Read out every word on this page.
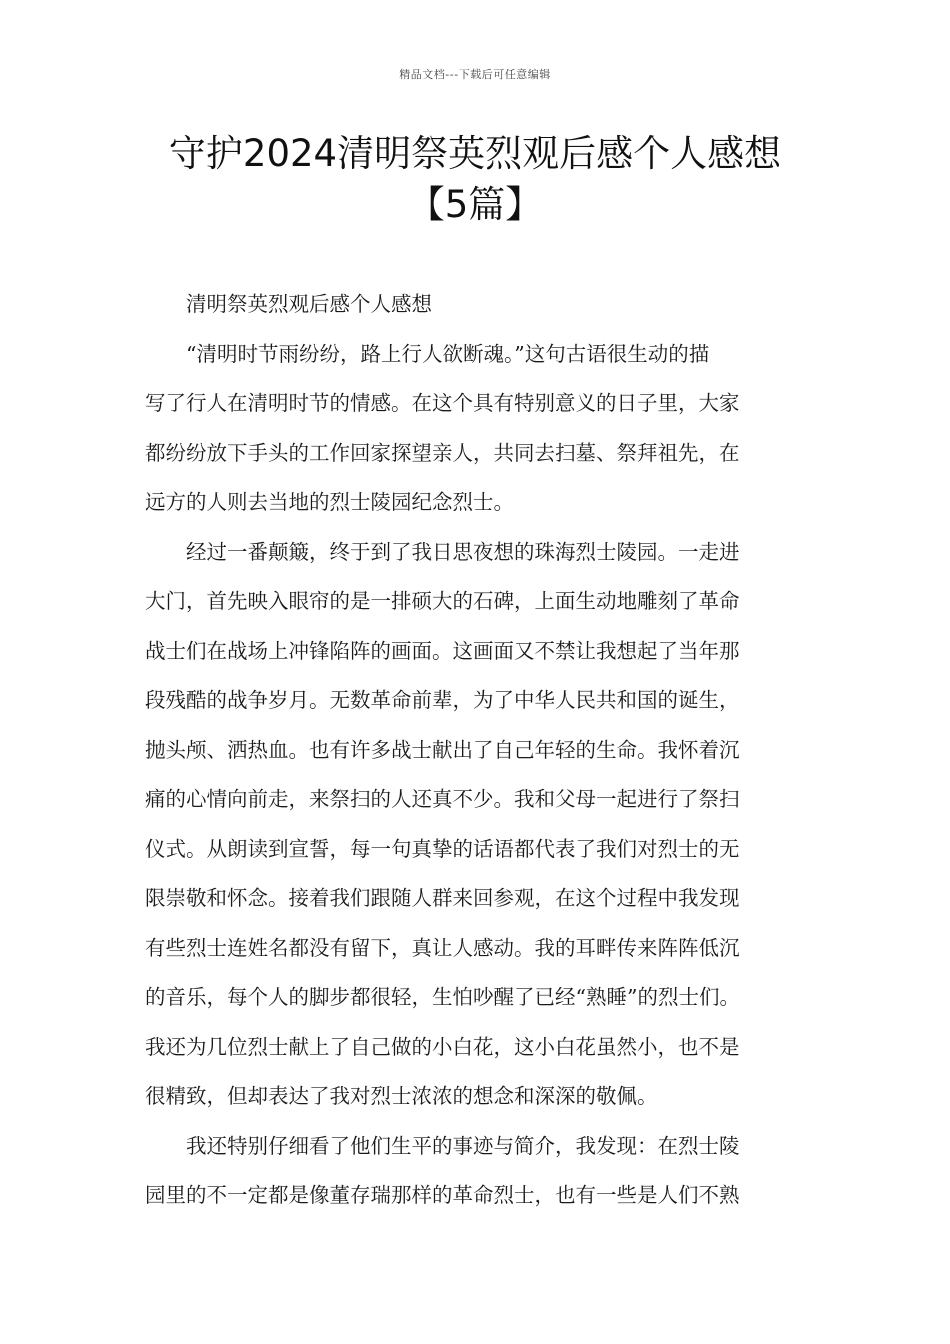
精品文档---下载后可任意编辑
守护2024清明祭英烈观后感个人感想
【5篇】

清明祭英烈观后感个人感想

“清明时节雨纷纷，路上行人欲断魂。”这句古语很生动的描
写了行人在清明时节的情感。在这个具有特别意义的日子里，大家
都纷纷放下手头的工作回家探望亲人，共同去扫墓、祭拜祖先，在
远方的人则去当地的烈士陵园纪念烈士。
经过一番颠簸，终于到了我日思夜想的珠海烈士陵园。一走进
大门，首先映入眼帘的是一排硕大的石碑，上面生动地雕刻了革命
战士们在战场上冲锋陷阵的画面。这画面又不禁让我想起了当年那
段残酷的战争岁月。无数革命前辈，为了中华人民共和国的诞生，
抛头颅、洒热血。也有许多战士献出了自己年轻的生命。我怀着沉
痛的心情向前走，来祭扫的人还真不少。我和父母一起进行了祭扫
仪式。从朗读到宣誓，每一句真挚的话语都代表了我们对烈士的无
限崇敬和怀念。接着我们跟随人群来回参观，在这个过程中我发现
有些烈士连姓名都没有留下，真让人感动。我的耳畔传来阵阵低沉
的音乐，每个人的脚步都很轻，生怕吵醒了已经“熟睡”的烈士们。
我还为几位烈士献上了自己做的小白花，这小白花虽然小，也不是
很精致，但却表达了我对烈士浓浓的想念和深深的敬佩。
我还特别仔细看了他们生平的事迹与简介，我发现：在烈士陵
园里的不一定都是像董存瑞那样的革命烈士，也有一些是人们不熟
